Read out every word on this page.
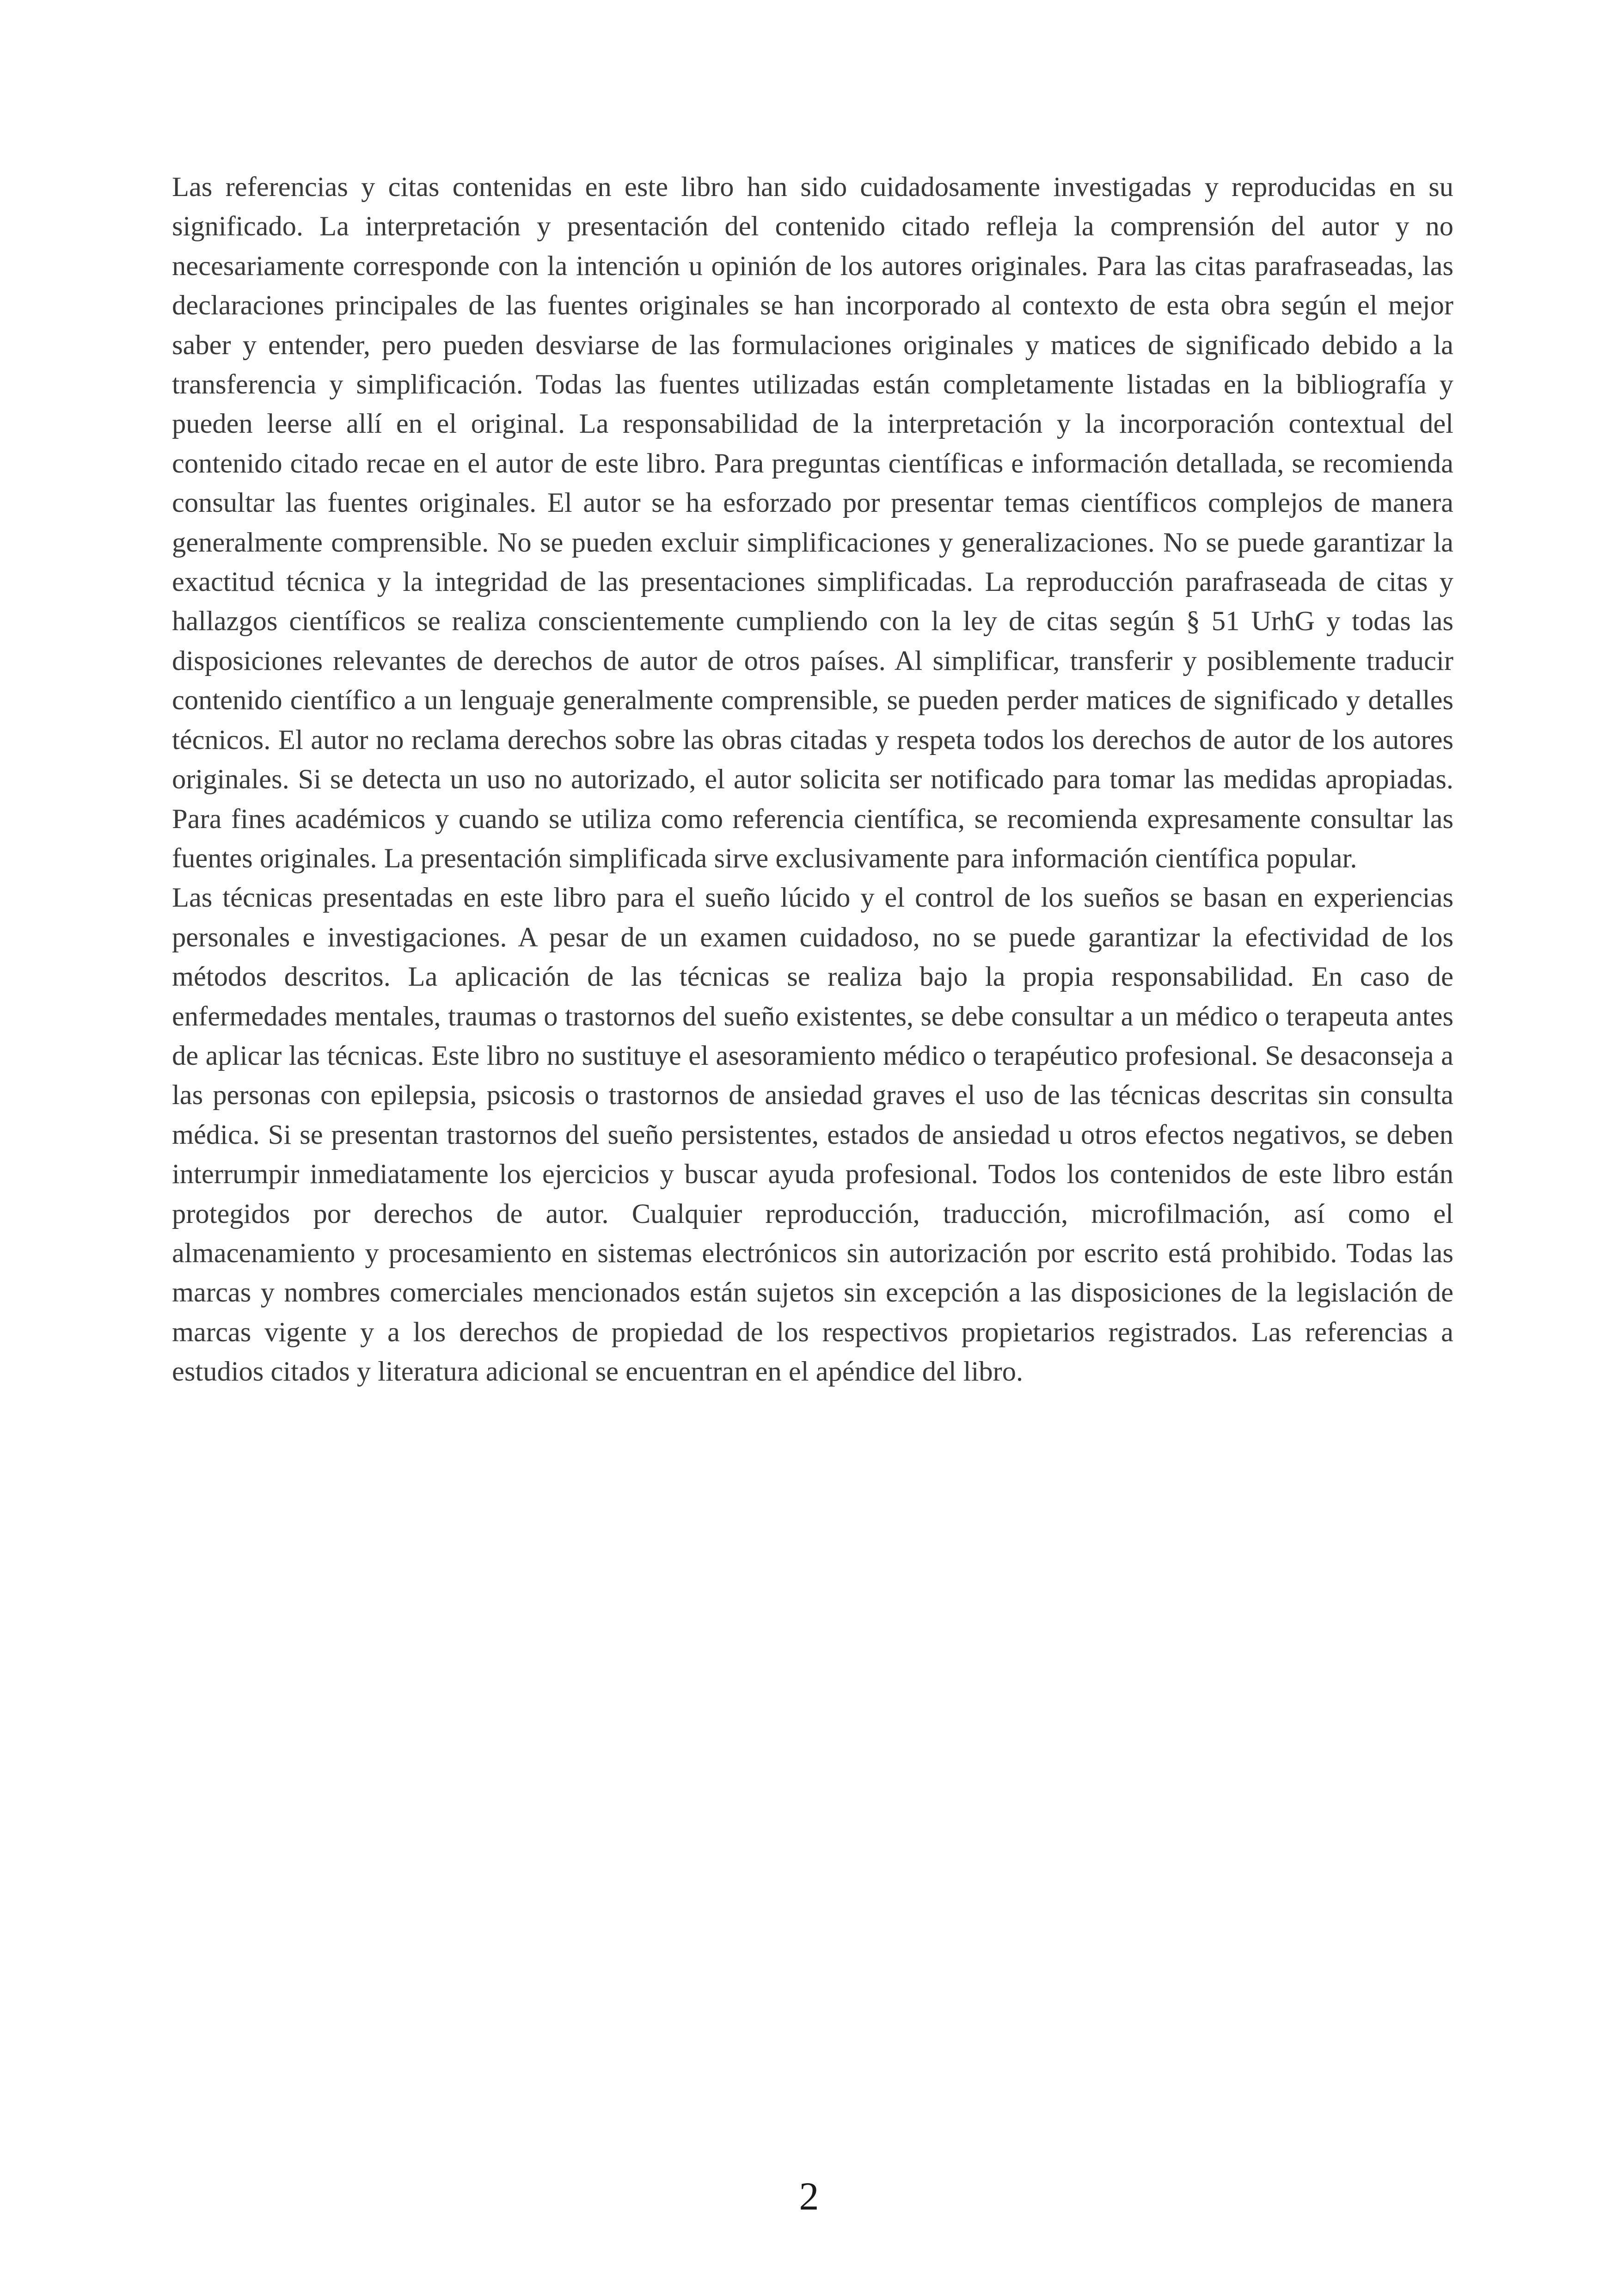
Las referencias y citas contenidas en este libro han sido cuidadosamente investigadas y reproducidas en su significado. La interpretación y presentación del contenido citado refleja la comprensión del autor y no necesariamente corresponde con la intención u opinión de los autores originales. Para las citas parafraseadas, las declaraciones principales de las fuentes originales se han incorporado al contexto de esta obra según el mejor saber y entender, pero pueden desviarse de las formulaciones originales y matices de significado debido a la transferencia y simplificación. Todas las fuentes utilizadas están completamente listadas en la bibliografía y pueden leerse allí en el original. La responsabilidad de la interpretación y la incorporación contextual del contenido citado recae en el autor de este libro. Para preguntas científicas e información detallada, se recomienda consultar las fuentes originales. El autor se ha esforzado por presentar temas científicos complejos de manera generalmente comprensible. No se pueden excluir simplificaciones y generalizaciones. No se puede garantizar la exactitud técnica y la integridad de las presentaciones simplificadas. La reproducción parafraseada de citas y hallazgos científicos se realiza conscientemente cumpliendo con la ley de citas según § 51 UrhG y todas las disposiciones relevantes de derechos de autor de otros países. Al simplificar, transferir y posiblemente traducir contenido científico a un lenguaje generalmente comprensible, se pueden perder matices de significado y detalles técnicos. El autor no reclama derechos sobre las obras citadas y respeta todos los derechos de autor de los autores originales. Si se detecta un uso no autorizado, el autor solicita ser notificado para tomar las medidas apropiadas. Para fines académicos y cuando se utiliza como referencia científica, se recomienda expresamente consultar las fuentes originales. La presentación simplificada sirve exclusivamente para información científica popular.

Las técnicas presentadas en este libro para el sueño lúcido y el control de los sueños se basan en experiencias personales e investigaciones. A pesar de un examen cuidadoso, no se puede garantizar la efectividad de los métodos descritos. La aplicación de las técnicas se realiza bajo la propia responsabilidad. En caso de enfermedades mentales, traumas o trastornos del sueño existentes, se debe consultar a un médico o terapeuta antes de aplicar las técnicas. Este libro no sustituye el asesoramiento médico o terapéutico profesional. Se desaconseja a las personas con epilepsia, psicosis o trastornos de ansiedad graves el uso de las técnicas descritas sin consulta médica. Si se presentan trastornos del sueño persistentes, estados de ansiedad u otros efectos negativos, se deben interrumpir inmediatamente los ejercicios y buscar ayuda profesional. Todos los contenidos de este libro están protegidos por derechos de autor. Cualquier reproducción, traducción, microfilmación, así como el almacenamiento y procesamiento en sistemas electrónicos sin autorización por escrito está prohibido. Todas las marcas y nombres comerciales mencionados están sujetos sin excepción a las disposiciones de la legislación de marcas vigente y a los derechos de propiedad de los respectivos propietarios registrados. Las referencias a estudios citados y literatura adicional se encuentran en el apéndice del libro.

2
